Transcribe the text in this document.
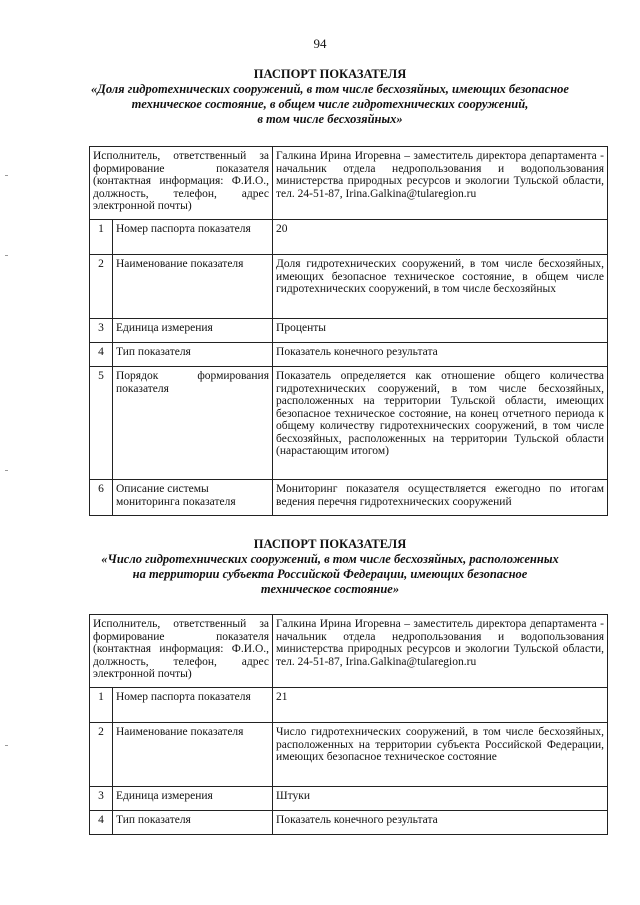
94
ПАСПОРТ ПОКАЗАТЕЛЯ
«Доля гидротехнических сооружений, в том числе бесхозяйных, имеющих безопасное
техническое состояние, в общем числе гидротехнических сооружений,
в том числе бесхозяйных»
Исполнитель, ответственный за формирование показателя (контактная информация: Ф.И.О., должность, телефон, адрес электронной почты)		Галкина Ирина Игоревна – заместитель директора департамента - начальник отдела недропользования и водопользования министерства природных ресурсов и экологии Тульской области, тел. 24-51-87, Irina.Galkina@tularegion.ru
1	Номер паспорта показателя	20
2	Наименование показателя	Доля гидротехнических сооружений, в том числе бесхозяйных, имеющих безопасное техническое состояние, в общем числе гидротехнических сооружений, в том числе бесхозяйных
3	Единица измерения	Проценты
4	Тип показателя	Показатель конечного результата
5	Порядок формирования показателя	Показатель определяется как отношение общего количества гидротехнических сооружений, в том числе бесхозяйных, расположенных на территории Тульской области, имеющих безопасное техническое состояние, на конец отчетного периода к общему количеству гидротехнических сооружений, в том числе бесхозяйных, расположенных на территории Тульской области (нарастающим итогом)
6	Описание системы мониторинга показателя	Мониторинг показателя осуществляется ежегодно по итогам ведения перечня гидротехнических сооружений
ПАСПОРТ ПОКАЗАТЕЛЯ
«Число гидротехнических сооружений, в том числе бесхозяйных, расположенных
на территории субъекта Российской Федерации, имеющих безопасное
техническое состояние»
Исполнитель, ответственный за формирование показателя (контактная информация: Ф.И.О., должность, телефон, адрес электронной почты)		Галкина Ирина Игоревна – заместитель директора департамента - начальник отдела недропользования и водопользования министерства природных ресурсов и экологии Тульской области, тел. 24-51-87, Irina.Galkina@tularegion.ru
1	Номер паспорта показателя	21
2	Наименование показателя	Число гидротехнических сооружений, в том числе бесхозяйных, расположенных на территории субъекта Российской Федерации, имеющих безопасное техническое состояние
3	Единица измерения	Штуки
4	Тип показателя	Показатель конечного результата
